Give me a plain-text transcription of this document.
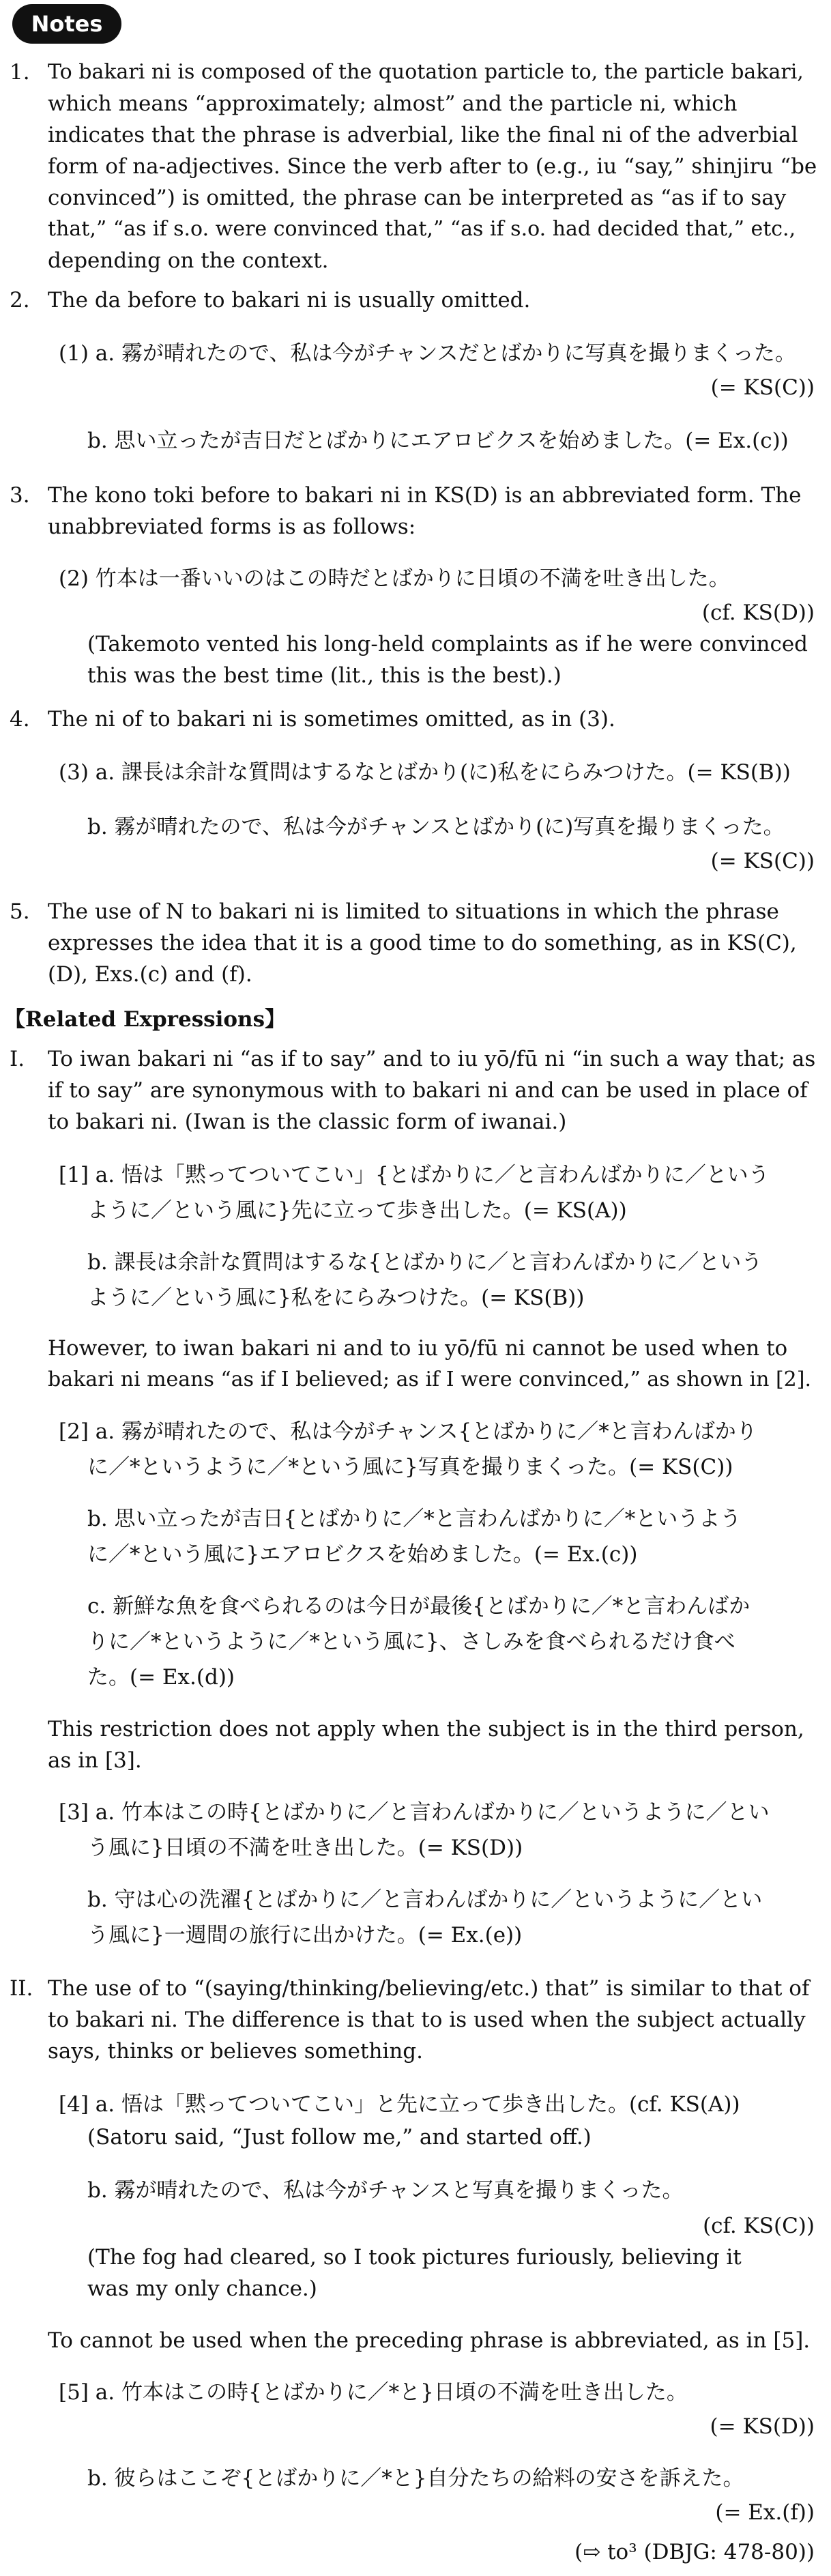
Notes
1. To bakari ni is composed of the quotation particle to, the particle bakari,
which means “approximately; almost” and the particle ni, which
indicates that the phrase is adverbial, like the final ni of the adverbial
form of na-adjectives. Since the verb after to (e.g., iu “say,” shinjiru “be
convinced”) is omitted, the phrase can be interpreted as “as if to say
that,” “as if s.o. were convinced that,” “as if s.o. had decided that,” etc.,
depending on the context.
2. The da before to bakari ni is usually omitted.
(1) a. 霧が晴れたので、私は今がチャンスだとばかりに写真を撮りまくった。
(= KS(C))
b. 思い立ったが吉日だとばかりにエアロビクスを始めました。(= Ex.(c))
3. The kono toki before to bakari ni in KS(D) is an abbreviated form. The
unabbreviated forms is as follows:
(2) 竹本は一番いいのはこの時だとばかりに日頃の不満を吐き出した。
(cf. KS(D))
(Takemoto vented his long-held complaints as if he were convinced
this was the best time (lit., this is the best).)
4. The ni of to bakari ni is sometimes omitted, as in (3).
(3) a. 課長は余計な質問はするなとばかり(に)私をにらみつけた。(= KS(B))
b. 霧が晴れたので、私は今がチャンスとばかり(に)写真を撮りまくった。
(= KS(C))
5. The use of N to bakari ni is limited to situations in which the phrase
expresses the idea that it is a good time to do something, as in KS(C),
(D), Exs.(c) and (f).
【Related Expressions】
I. To iwan bakari ni “as if to say” and to iu yō/fū ni “in such a way that; as
if to say” are synonymous with to bakari ni and can be used in place of
to bakari ni. (Iwan is the classic form of iwanai.)
[1] a. 悟は「黙ってついてこい」{とばかりに／と言わんばかりに／という
ように／という風に}先に立って歩き出した。(= KS(A))
b. 課長は余計な質問はするな{とばかりに／と言わんばかりに／という
ように／という風に}私をにらみつけた。(= KS(B))
However, to iwan bakari ni and to iu yō/fū ni cannot be used when to
bakari ni means “as if I believed; as if I were convinced,” as shown in [2].
[2] a. 霧が晴れたので、私は今がチャンス{とばかりに／*と言わんばかり
に／*というように／*という風に}写真を撮りまくった。(= KS(C))
b. 思い立ったが吉日{とばかりに／*と言わんばかりに／*というよう
に／*という風に}エアロビクスを始めました。(= Ex.(c))
c. 新鮮な魚を食べられるのは今日が最後{とばかりに／*と言わんばか
りに／*というように／*という風に}、さしみを食べられるだけ食べ
た。(= Ex.(d))
This restriction does not apply when the subject is in the third person,
as in [3].
[3] a. 竹本はこの時{とばかりに／と言わんばかりに／というように／とい
う風に}日頃の不満を吐き出した。(= KS(D))
b. 守は心の洗濯{とばかりに／と言わんばかりに／というように／とい
う風に}一週間の旅行に出かけた。(= Ex.(e))
II. The use of to “(saying/thinking/believing/etc.) that” is similar to that of
to bakari ni. The difference is that to is used when the subject actually
says, thinks or believes something.
[4] a. 悟は「黙ってついてこい」と先に立って歩き出した。(cf. KS(A))
(Satoru said, “Just follow me,” and started off.)
b. 霧が晴れたので、私は今がチャンスと写真を撮りまくった。
(cf. KS(C))
(The fog had cleared, so I took pictures furiously, believing it
was my only chance.)
To cannot be used when the preceding phrase is abbreviated, as in [5].
[5] a. 竹本はこの時{とばかりに／*と}日頃の不満を吐き出した。
(= KS(D))
b. 彼らはここぞ{とばかりに／*と}自分たちの給料の安さを訴えた。
(= Ex.(f))
(⇨ to³ (DBJG: 478-80))
